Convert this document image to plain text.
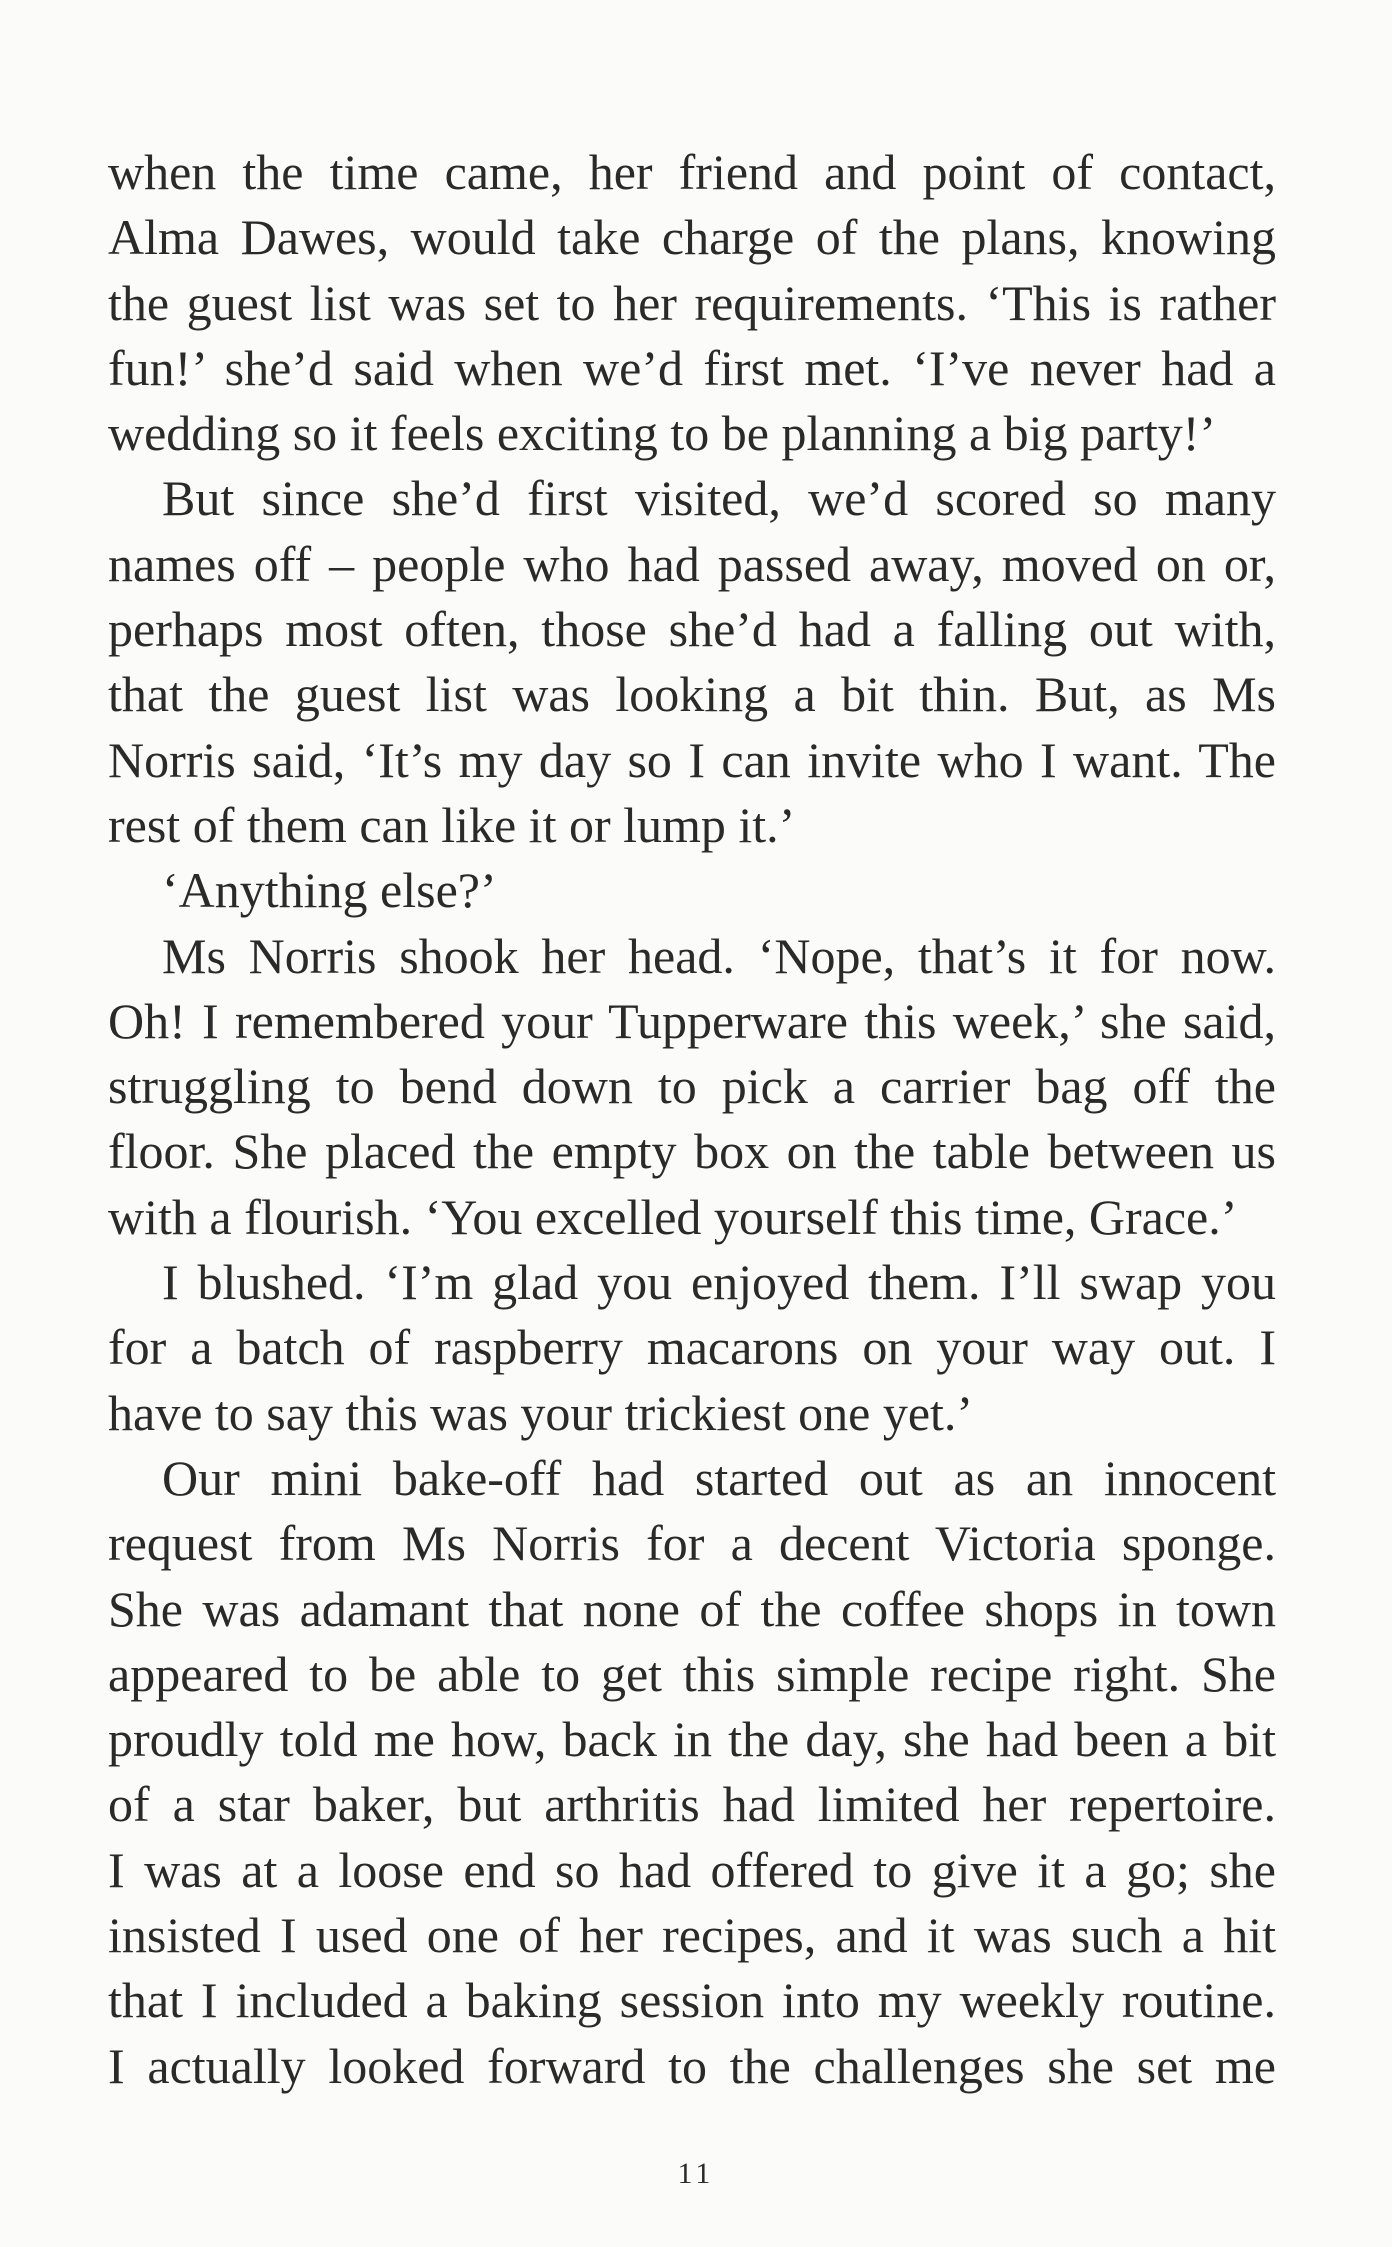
when the time came, her friend and point of contact,
Alma Dawes, would take charge of the plans, knowing
the guest list was set to her requirements. ‘This is rather
fun!’ she’d said when we’d first met. ‘I’ve never had a
wedding so it feels exciting to be planning a big party!’
But since she’d first visited, we’d scored so many
names off – people who had passed away, moved on or,
perhaps most often, those she’d had a falling out with,
that the guest list was looking a bit thin. But, as Ms
Norris said, ‘It’s my day so I can invite who I want. The
rest of them can like it or lump it.’
‘Anything else?’
Ms Norris shook her head. ‘Nope, that’s it for now.
Oh! I remembered your Tupperware this week,’ she said,
struggling to bend down to pick a carrier bag off the
floor. She placed the empty box on the table between us
with a flourish. ‘You excelled yourself this time, Grace.’
I blushed. ‘I’m glad you enjoyed them. I’ll swap you
for a batch of raspberry macarons on your way out. I
have to say this was your trickiest one yet.’
Our mini bake-off had started out as an innocent
request from Ms Norris for a decent Victoria sponge.
She was adamant that none of the coffee shops in town
appeared to be able to get this simple recipe right. She
proudly told me how, back in the day, she had been a bit
of a star baker, but arthritis had limited her repertoire.
I was at a loose end so had offered to give it a go; she
insisted I used one of her recipes, and it was such a hit
that I included a baking session into my weekly routine.
I actually looked forward to the challenges she set me
11
